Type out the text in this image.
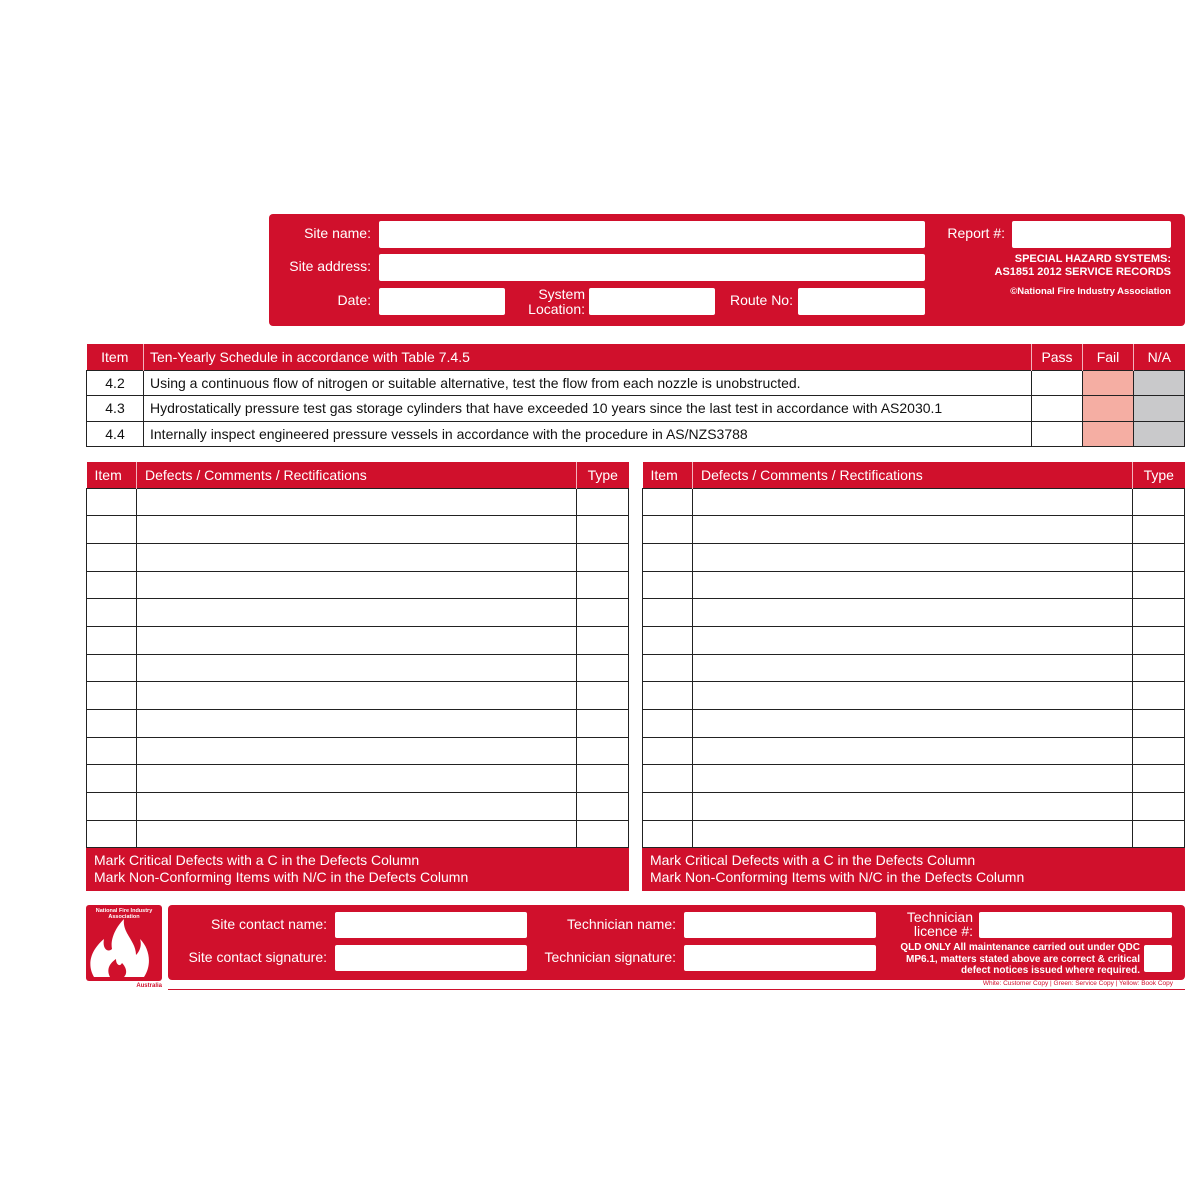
Site name:
Site address:
Date:	System
Location:
Route No:
Report #:
SPECIAL HAZARD SYSTEMS:
AS1851 2012 SERVICE RECORDS
©National Fire Industry Association
Item	Ten-Yearly Schedule in accordance with Table 7.4.5	Pass	Fail	N/A
4.2	Using a continuous flow of nitrogen or suitable alternative, test the flow from each nozzle is unobstructed.			
4.3	Hydrostatically pressure test gas storage cylinders that have exceeded 10 years since the last test in accordance with AS2030.1			
4.4	Internally inspect engineered pressure vessels in accordance with the procedure in AS/NZS3788			
Item	Defects / Comments / Rectifications	Type

Mark Critical Defects with a C in the Defects Column
Mark Non-Conforming Items with N/C in the Defects Column
Item	Defects / Comments / Rectifications	Type

Mark Critical Defects with a C in the Defects Column
Mark Non-Conforming Items with N/C in the Defects Column
National Fire Industry Association
Australia
Site contact name:
Site contact signature:
Technician name:
Technician signature:
Technician
licence #:
QLD ONLY All maintenance carried out under QDC
MP6.1, matters stated above are correct & critical
defect notices issued where required.
White: Customer Copy | Green: Service Copy | Yellow: Book Copy
